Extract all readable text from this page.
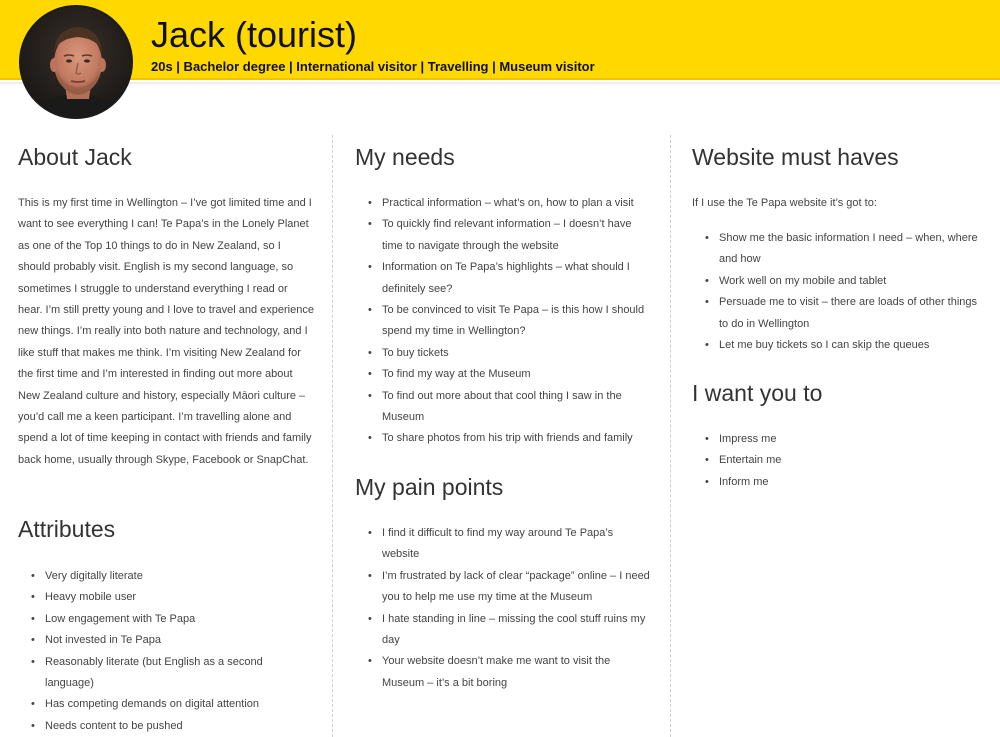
Jack (tourist)
20s | Bachelor degree | International visitor | Travelling | Museum visitor
About Jack

This is my first time in Wellington – I’ve got limited time and I want to see everything I can! Te Papa’s in the Lonely Planet as one of the Top 10 things to do in New Zealand, so I should probably visit. English is my second language, so sometimes I struggle to understand everything I read or hear. I’m still pretty young and I love to travel and experience new things. I’m really into both nature and technology, and I like stuff that makes me think. I’m visiting New Zealand for the first time and I’m interested in finding out more about New Zealand culture and history, especially Māori culture – you’d call me a keen participant. I’m travelling alone and spend a lot of time keeping in contact with friends and family back home, usually through Skype, Facebook or SnapChat.

Attributes
• Very digitally literate
• Heavy mobile user
• Low engagement with Te Papa
• Not invested in Te Papa
• Reasonably literate (but English as a second language)
• Has competing demands on digital attention
• Needs content to be pushed
My needs
• Practical information – what’s on, how to plan a visit
• To quickly find relevant information – I doesn’t have time to navigate through the website
• Information on Te Papa’s highlights – what should I definitely see?
• To be convinced to visit Te Papa – is this how I should spend my time in Wellington?
• To buy tickets
• To find my way at the Museum
• To find out more about that cool thing I saw in the Museum
• To share photos from his trip with friends and family
My pain points
• I find it difficult to find my way around Te Papa’s website
• I’m frustrated by lack of clear “package” online – I need you to help me use my time at the Museum
• I hate standing in line – missing the cool stuff ruins my day
• Your website doesn’t make me want to visit the Museum – it’s a bit boring
Website must haves

If I use the Te Papa website it’s got to:

• Show me the basic information I need – when, where and how
• Work well on my mobile and tablet
• Persuade me to visit – there are loads of other things to do in Wellington
• Let me buy tickets so I can skip the queues
I want you to
• Impress me
• Entertain me
• Inform me
